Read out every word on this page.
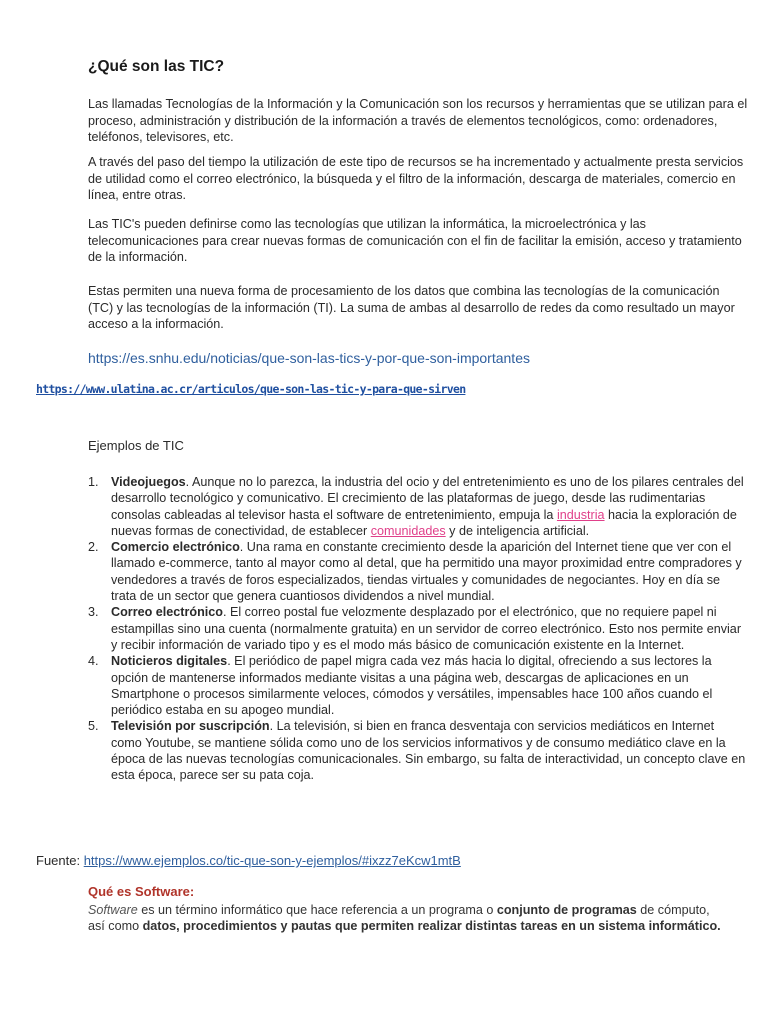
¿Qué son las TIC?
Las llamadas Tecnologías de la Información y la Comunicación son los recursos y herramientas que se utilizan para el proceso, administración y distribución de la información a través de elementos tecnológicos, como: ordenadores, teléfonos, televisores, etc.
A través del paso del tiempo la utilización de este tipo de recursos se ha incrementado y actualmente presta servicios de utilidad como el correo electrónico, la búsqueda y el filtro de la información, descarga de materiales, comercio en línea, entre otras.
Las TIC's pueden definirse como las tecnologías que utilizan la informática, la microelectrónica y las telecomunicaciones para crear nuevas formas de comunicación con el fin de facilitar la emisión, acceso y tratamiento de la información.
Estas permiten una nueva forma de procesamiento de los datos que combina las tecnologías de la comunicación (TC) y las tecnologías de la información (TI). La suma de ambas al desarrollo de redes da como resultado un mayor acceso a la información.
https://es.snhu.edu/noticias/que-son-las-tics-y-por-que-son-importantes
https://www.ulatina.ac.cr/articulos/que-son-las-tic-y-para-que-sirven
Ejemplos de TIC
1. Videojuegos. Aunque no lo parezca, la industria del ocio y del entretenimiento es uno de los pilares centrales del desarrollo tecnológico y comunicativo. El crecimiento de las plataformas de juego, desde las rudimentarias consolas cableadas al televisor hasta el software de entretenimiento, empuja la industria hacia la exploración de nuevas formas de conectividad, de establecer comunidades y de inteligencia artificial.
2. Comercio electrónico. Una rama en constante crecimiento desde la aparición del Internet tiene que ver con el llamado e-commerce, tanto al mayor como al detal, que ha permitido una mayor proximidad entre compradores y vendedores a través de foros especializados, tiendas virtuales y comunidades de negociantes. Hoy en día se trata de un sector que genera cuantiosos dividendos a nivel mundial.
3. Correo electrónico. El correo postal fue velozmente desplazado por el electrónico, que no requiere papel ni estampillas sino una cuenta (normalmente gratuita) en un servidor de correo electrónico. Esto nos permite enviar y recibir información de variado tipo y es el modo más básico de comunicación existente en la Internet.
4. Noticieros digitales. El periódico de papel migra cada vez más hacia lo digital, ofreciendo a sus lectores la opción de mantenerse informados mediante visitas a una página web, descargas de aplicaciones en un Smartphone o procesos similarmente veloces, cómodos y versátiles, impensables hace 100 años cuando el periódico estaba en su apogeo mundial.
5. Televisión por suscripción. La televisión, si bien en franca desventaja con servicios mediáticos en Internet como Youtube, se mantiene sólida como uno de los servicios informativos y de consumo mediático clave en la época de las nuevas tecnologías comunicacionales. Sin embargo, su falta de interactividad, un concepto clave en esta época, parece ser su pata coja.
Fuente: https://www.ejemplos.co/tic-que-son-y-ejemplos/#ixzz7eKcw1mtB
Qué es Software:
Software es un término informático que hace referencia a un programa o conjunto de programas de cómputo, así como datos, procedimientos y pautas que permiten realizar distintas tareas en un sistema informático.
